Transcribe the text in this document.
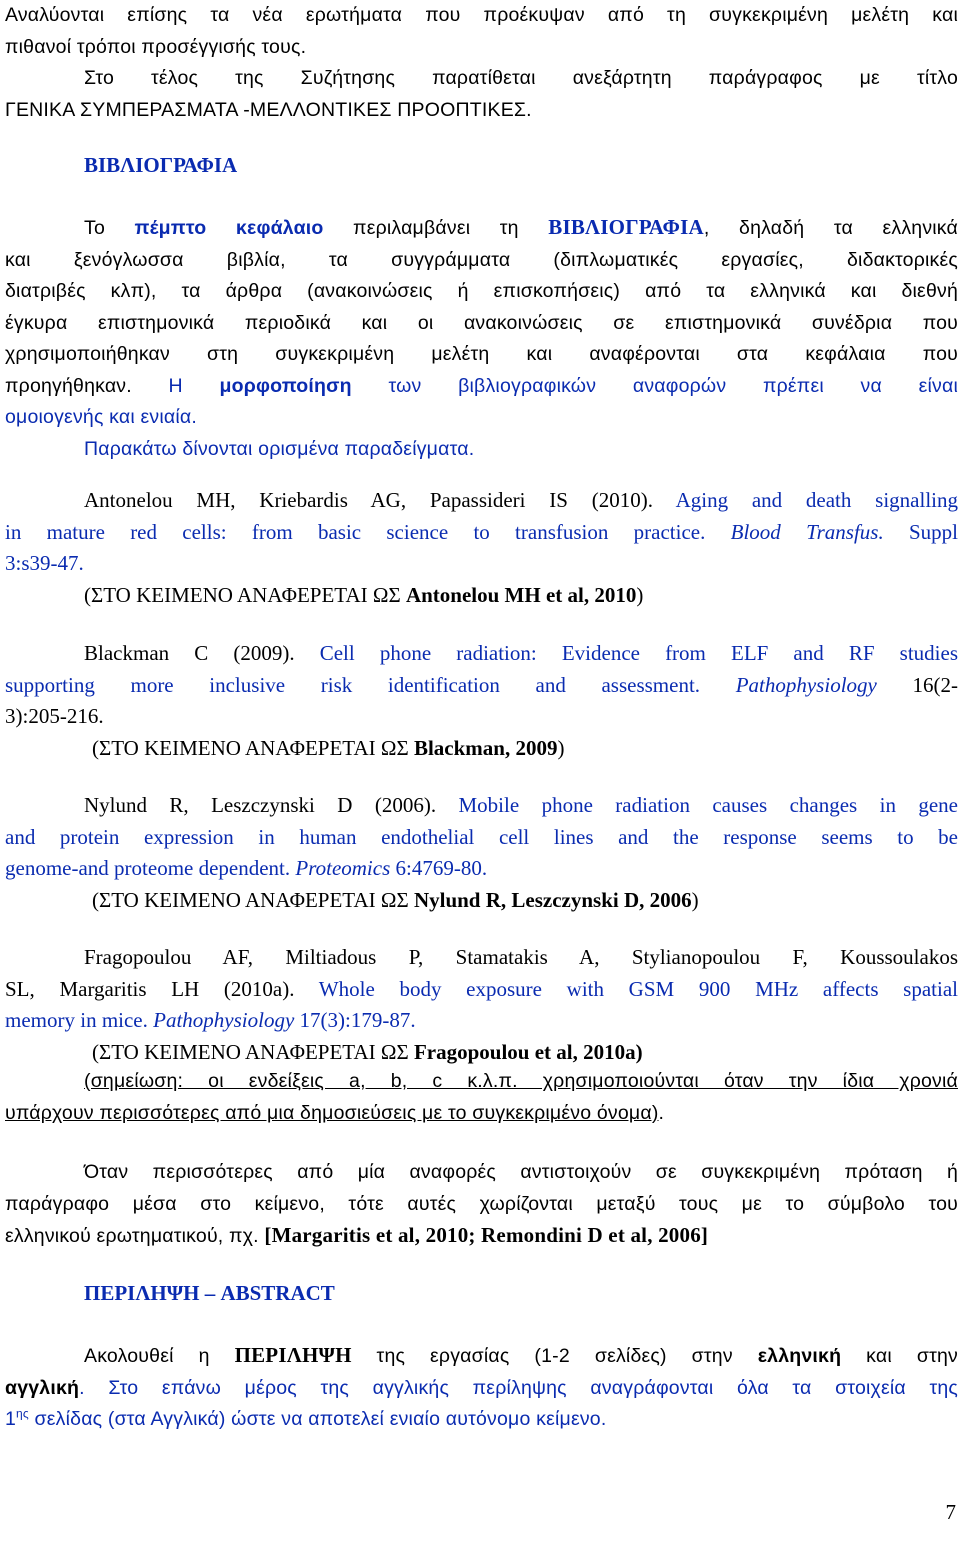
Αναλύονται επίσης τα νέα ερωτήματα που προέκυψαν από τη συγκεκριμένη μελέτη και
πιθανοί τρόποι προσέγγισής τους.
Στο τέλος της Συζήτησης παρατίθεται ανεξάρτητη παράγραφος με τίτλο
ΓΕΝΙΚΑ ΣΥΜΠΕΡΑΣΜΑΤΑ -ΜΕΛΛΟΝΤΙΚΕΣ ΠΡΟΟΠΤΙΚΕΣ.
ΒΙΒΛΙΟΓΡΑΦΙΑ
Το πέμπτο κεφάλαιο περιλαμβάνει τη ΒΙΒΛΙΟΓΡΑΦΙΑ, δηλαδή τα ελληνικά
και ξενόγλωσσα βιβλία, τα συγγράμματα (διπλωματικές εργασίες, διδακτορικές
διατριβές κλπ), τα άρθρα (ανακοινώσεις ή επισκοπήσεις) από τα ελληνικά και διεθνή
έγκυρα επιστημονικά περιοδικά και οι ανακοινώσεις σε επιστημονικά συνέδρια που
χρησιμοποιήθηκαν στη συγκεκριμένη μελέτη και αναφέρονται στα κεφάλαια που
προηγήθηκαν. Η μορφοποίηση των βιβλιογραφικών αναφορών πρέπει να είναι
ομοιογενής και ενιαία.
Παρακάτω δίνονται ορισμένα παραδείγματα.
Antonelou MH, Kriebardis AG, Papassideri IS (2010). Aging and death signalling
in mature red cells: from basic science to transfusion practice. Blood Transfus. Suppl
3:s39-47.
(ΣΤΟ ΚΕΙΜΕΝΟ ΑΝΑΦΕΡΕΤΑΙ ΩΣ Antonelou MH et al, 2010)
Blackman C (2009). Cell phone radiation: Evidence from ELF and RF studies
supporting more inclusive risk identification and assessment. Pathophysiology 16(2-
3):205-216.
(ΣΤΟ ΚΕΙΜΕΝΟ ΑΝΑΦΕΡΕΤΑΙ ΩΣ Blackman, 2009)
Nylund R, Leszczynski D (2006). Mobile phone radiation causes changes in gene
and protein expression in human endothelial cell lines and the response seems to be
genome-and proteome dependent. Proteomics 6:4769-80.
(ΣΤΟ ΚΕΙΜΕΝΟ ΑΝΑΦΕΡΕΤΑΙ ΩΣ Nylund R, Leszczynski D, 2006)
Fragopoulou AF, Miltiadous P, Stamatakis A, Stylianopoulou F, Koussoulakos
SL, Margaritis LH (2010a). Whole body exposure with GSM 900 MHz affects spatial
memory in mice. Pathophysiology 17(3):179-87.
(ΣΤΟ ΚΕΙΜΕΝΟ ΑΝΑΦΕΡΕΤΑΙ ΩΣ Fragopoulou et al, 2010a)
(σημείωση: οι ενδείξεις a, b, c κ.λ.π. χρησιμοποιούνται όταν την ίδια χρονιά
υπάρχουν περισσότερες από μια δημοσιεύσεις με το συγκεκριμένο όνομα).
Όταν περισσότερες από μία αναφορές αντιστοιχούν σε συγκεκριμένη πρόταση ή
παράγραφο μέσα στο κείμενο, τότε αυτές χωρίζονται μεταξύ τους με το σύμβολο του
ελληνικού ερωτηματικού, πχ. [Margaritis et al, 2010; Remondini D et al, 2006]
ΠΕΡΙΛΗΨΗ – ABSTRACT
Ακολουθεί η ΠΕΡΙΛΗΨΗ της εργασίας (1-2 σελίδες) στην ελληνική και στην
αγγλική. Στο επάνω μέρος της αγγλικής περίληψης αναγράφονται όλα τα στοιχεία της
$1^{\eta\varsigma}$ σελίδας (στα Αγγλικά) ώστε να αποτελεί ενιαίο αυτόνομο κείμενο.
7
